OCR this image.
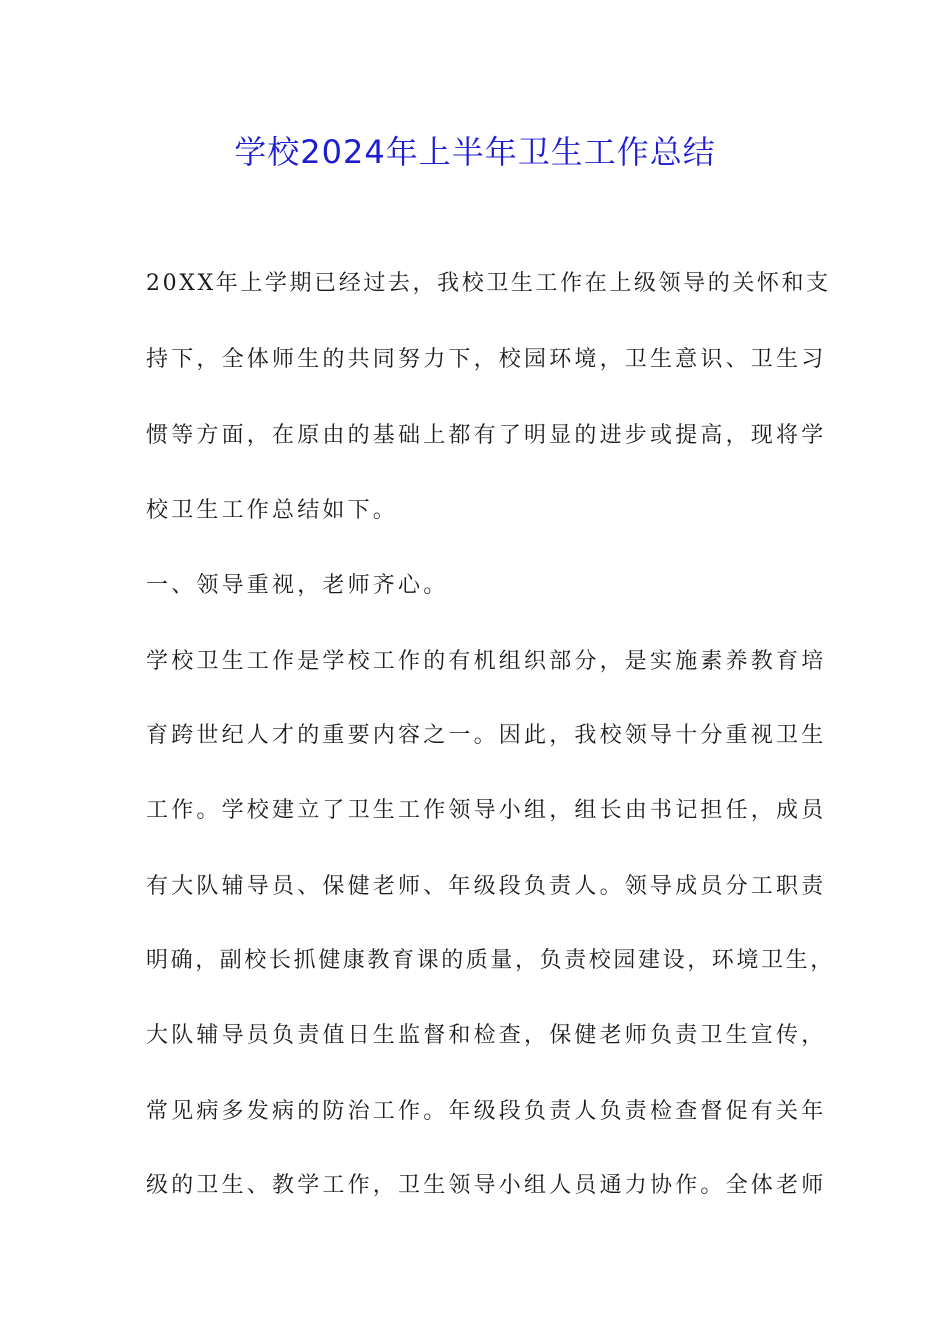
学校2024年上半年卫生工作总结
20XX年上学期已经过去，我校卫生工作在上级领导的关怀和支
持下，全体师生的共同努力下，校园环境，卫生意识、卫生习
惯等方面，在原由的基础上都有了明显的进步或提高，现将学
校卫生工作总结如下。
一、领导重视，老师齐心。
学校卫生工作是学校工作的有机组织部分，是实施素养教育培
育跨世纪人才的重要内容之一。因此，我校领导十分重视卫生
工作。学校建立了卫生工作领导小组，组长由书记担任，成员
有大队辅导员、保健老师、年级段负责人。领导成员分工职责
明确，副校长抓健康教育课的质量，负责校园建设，环境卫生，
大队辅导员负责值日生监督和检查，保健老师负责卫生宣传，
常见病多发病的防治工作。年级段负责人负责检查督促有关年
级的卫生、教学工作，卫生领导小组人员通力协作。全体老师
